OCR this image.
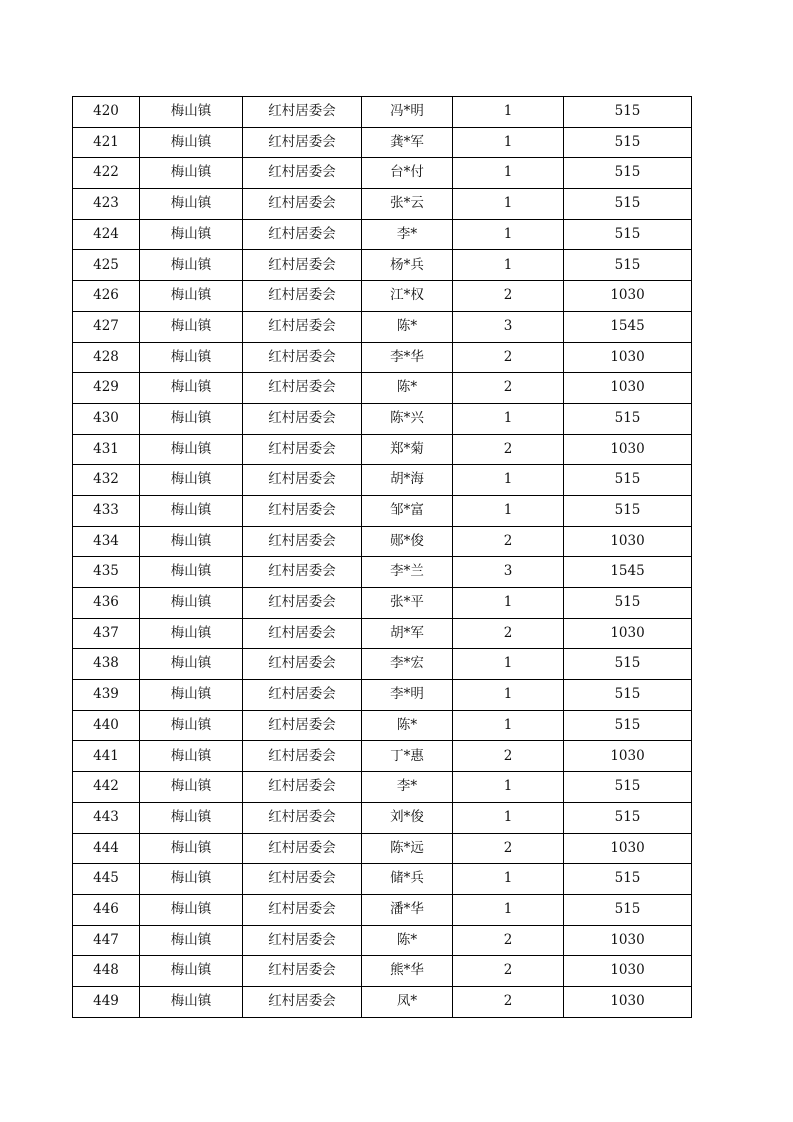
420	梅山镇	红村居委会	冯*明	1	515
421	梅山镇	红村居委会	龚*军	1	515
422	梅山镇	红村居委会	台*付	1	515
423	梅山镇	红村居委会	张*云	1	515
424	梅山镇	红村居委会	李*	1	515
425	梅山镇	红村居委会	杨*兵	1	515
426	梅山镇	红村居委会	江*权	2	1030
427	梅山镇	红村居委会	陈*	3	1545
428	梅山镇	红村居委会	李*华	2	1030
429	梅山镇	红村居委会	陈*	2	1030
430	梅山镇	红村居委会	陈*兴	1	515
431	梅山镇	红村居委会	郑*菊	2	1030
432	梅山镇	红村居委会	胡*海	1	515
433	梅山镇	红村居委会	邹*富	1	515
434	梅山镇	红村居委会	郧*俊	2	1030
435	梅山镇	红村居委会	李*兰	3	1545
436	梅山镇	红村居委会	张*平	1	515
437	梅山镇	红村居委会	胡*军	2	1030
438	梅山镇	红村居委会	李*宏	1	515
439	梅山镇	红村居委会	李*明	1	515
440	梅山镇	红村居委会	陈*	1	515
441	梅山镇	红村居委会	丁*惠	2	1030
442	梅山镇	红村居委会	李*	1	515
443	梅山镇	红村居委会	刘*俊	1	515
444	梅山镇	红村居委会	陈*远	2	1030
445	梅山镇	红村居委会	储*兵	1	515
446	梅山镇	红村居委会	潘*华	1	515
447	梅山镇	红村居委会	陈*	2	1030
448	梅山镇	红村居委会	熊*华	2	1030
449	梅山镇	红村居委会	凤*	2	1030
